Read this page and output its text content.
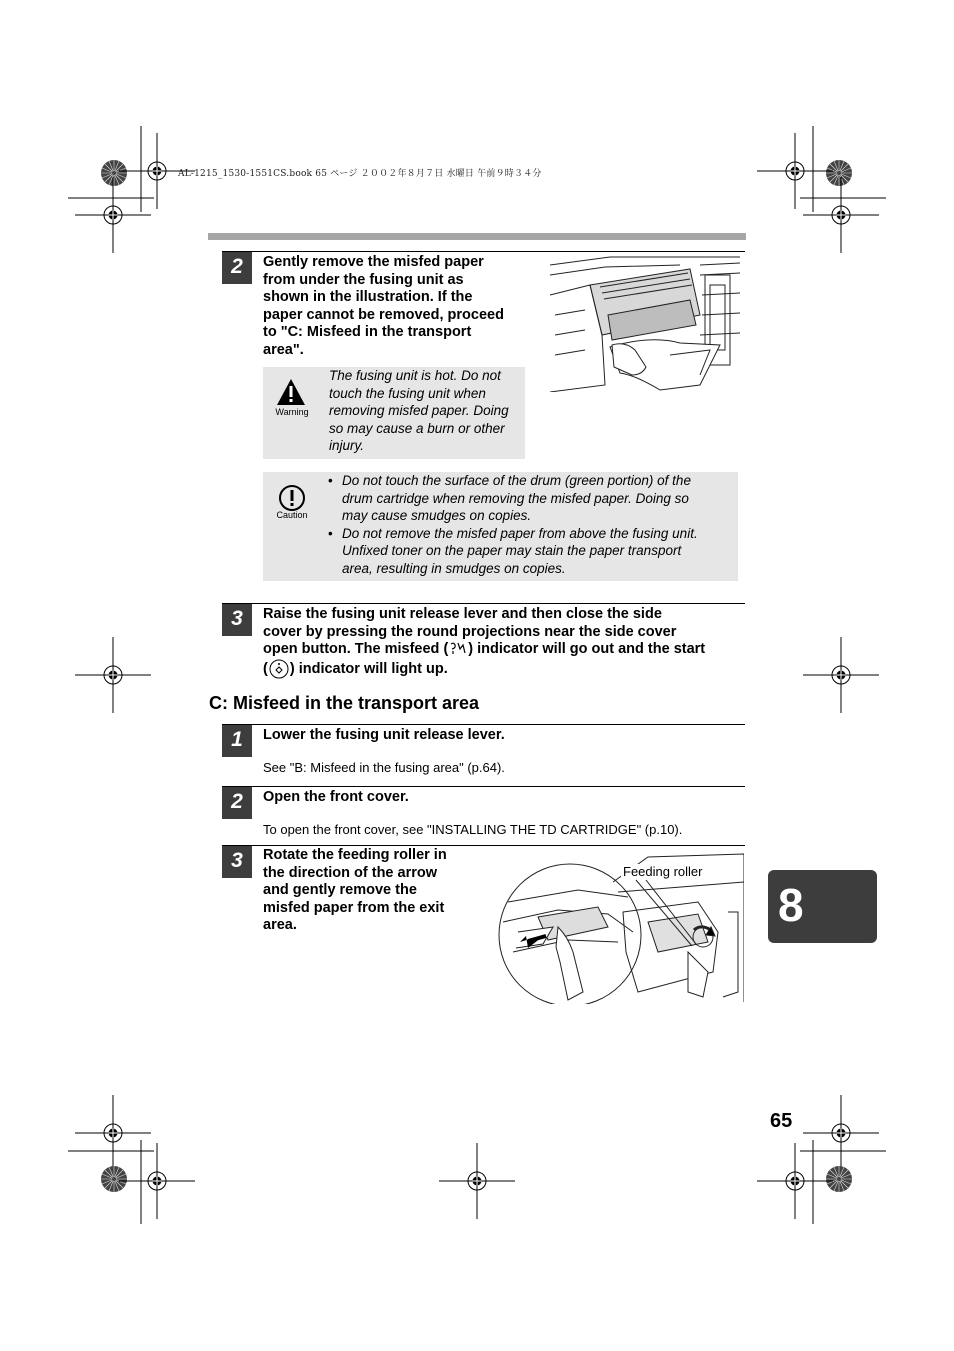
AL-1215_1530-1551CS.book 65 ページ ２００２年８月７日 水曜日 午前９時３４分
2	Gently remove the misfed paper
from under the fusing unit as
shown in the illustration. If the
paper cannot be removed, proceed
to "C: Misfeed in the transport
area".
Warning
The fusing unit is hot. Do not
touch the fusing unit when
removing misfed paper. Doing
so may cause a burn or other
injury.
Caution
• Do not touch the surface of the drum (green portion) of the
drum cartridge when removing the misfed paper. Doing so
may cause smudges on copies.
• Do not remove the misfed paper from above the fusing unit.
Unfixed toner on the paper may stain the paper transport
area, resulting in smudges on copies.
3	Raise the fusing unit release lever and then close the side
cover by pressing the round projections near the side cover
open button. The misfeed ( ) indicator will go out and the start
( ) indicator will light up.
C: Misfeed in the transport area
1	Lower the fusing unit release lever.
See "B: Misfeed in the fusing area" (p.64).
2	Open the front cover.
To open the front cover, see "INSTALLING THE TD CARTRIDGE" (p.10).
3	Rotate the feeding roller in
the direction of the arrow
and gently remove the
misfed paper from the exit
area.
Feeding roller
8
65
